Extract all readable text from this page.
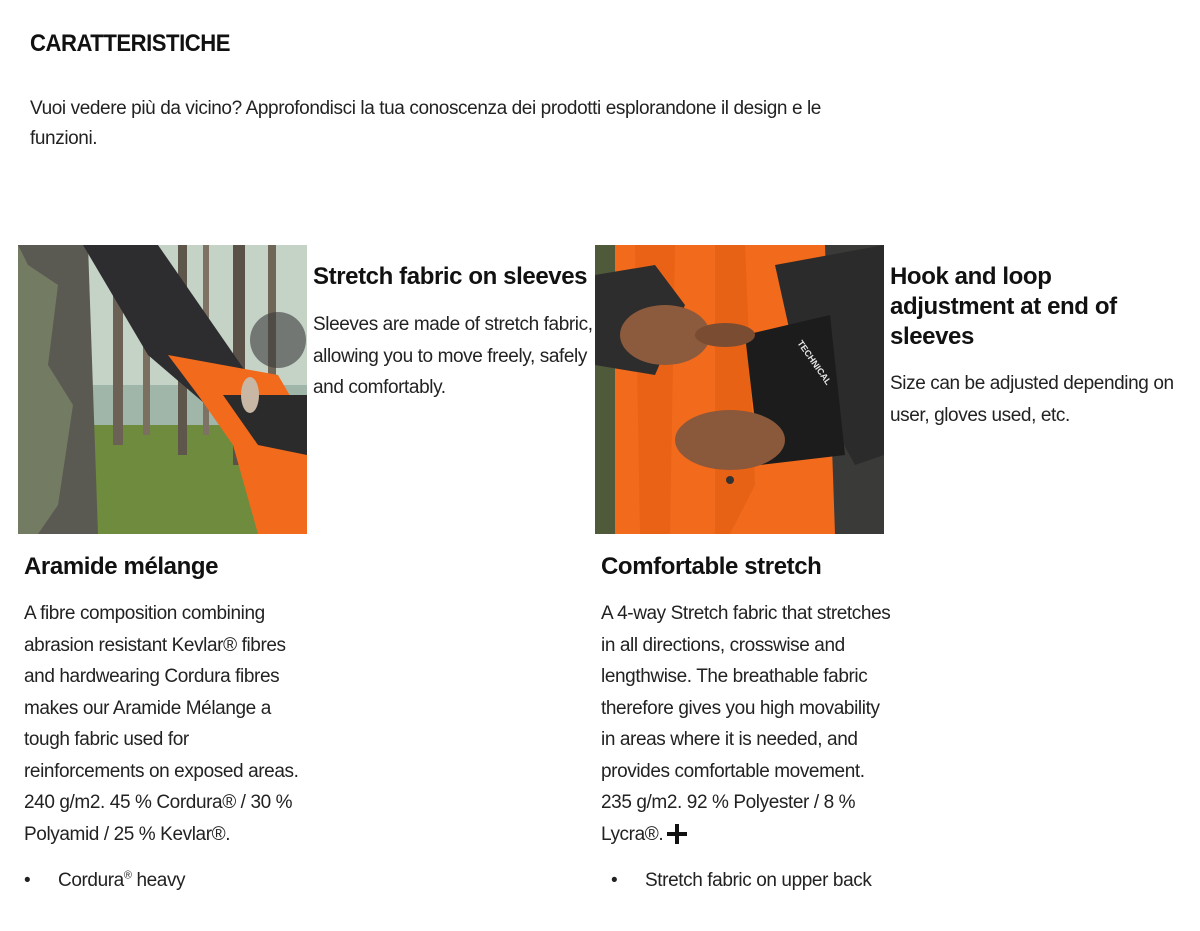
CARATTERISTICHE

Vuoi vedere più da vicino? Approfondisci la tua conoscenza dei prodotti esplorandone il design e le funzioni.

Stretch fabric on sleeves

Sleeves are made of stretch fabric, allowing you to move freely, safely and comfortably.

TECHNICAL
Hook and loop adjustment at end of sleeves

Size can be adjusted depending on user, gloves used, etc.

Aramide mélange

A fibre composition combining abrasion resistant Kevlar® fibres and hardwearing Cordura fibres makes our Aramide Mélange a tough fabric used for reinforcements on exposed areas. 240 g/m2. 45 % Cordura® / 30 % Polyamid / 25 % Kevlar®.

•	Cordura® heavy
Comfortable stretch

A 4-way Stretch fabric that stretches in all directions, crosswise and lengthwise. The breathable fabric therefore gives you high movability in areas where it is needed, and provides comfortable movement. 235 g/m2. 92 % Polyester / 8 % Lycra®.

•	Stretch fabric on upper back
